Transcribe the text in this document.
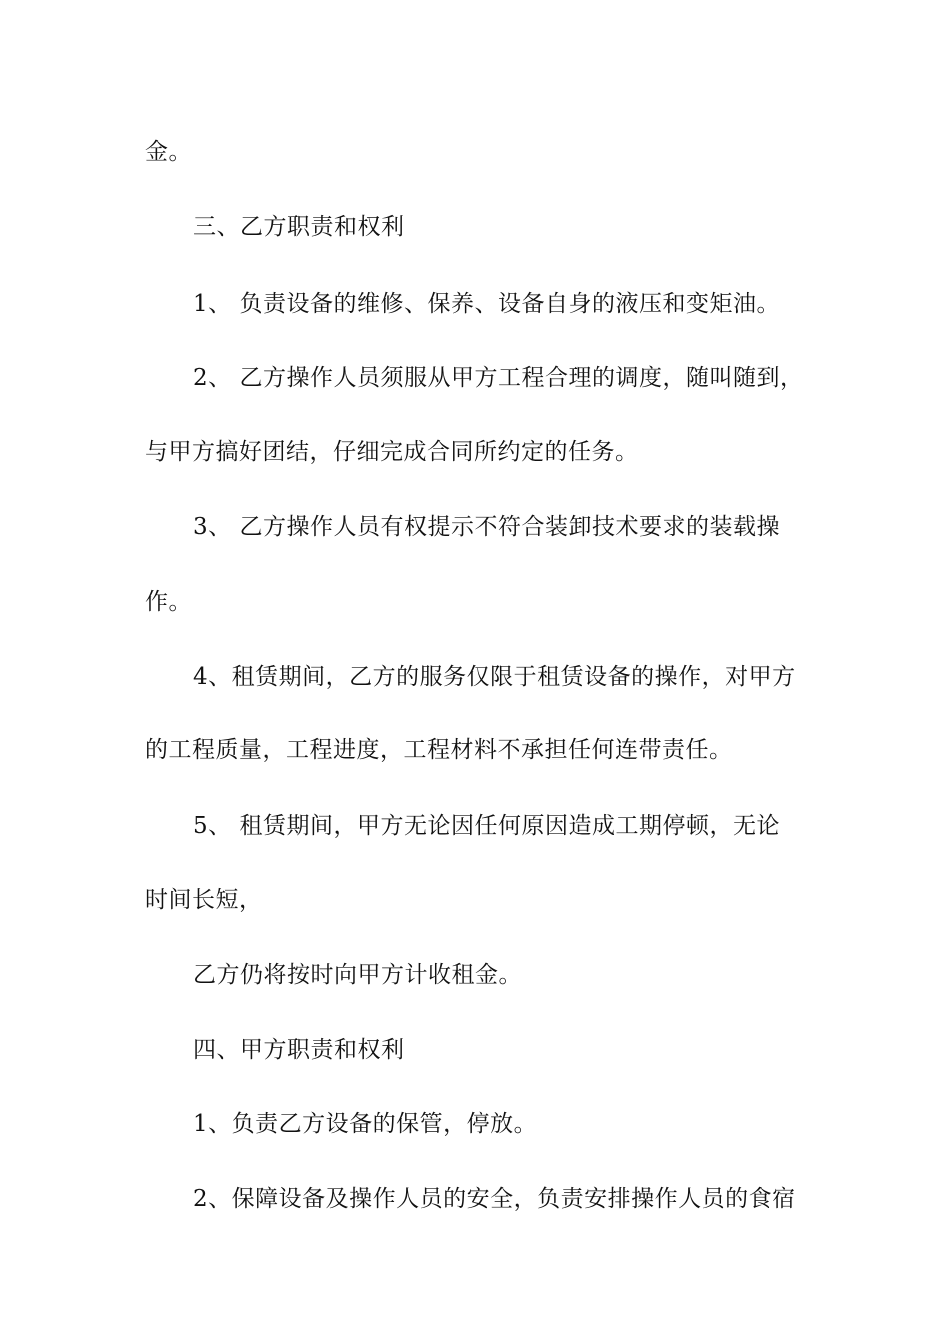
金。
三、乙方职责和权利
1、 负责设备的维修、保养、设备自身的液压和变矩油。
2、 乙方操作人员须服从甲方工程合理的调度，随叫随到，
与甲方搞好团结，仔细完成合同所约定的任务。
3、 乙方操作人员有权提示不符合装卸技术要求的装载操
作。
4、租赁期间，乙方的服务仅限于租赁设备的操作，对甲方
的工程质量，工程进度，工程材料不承担任何连带责任。
5、 租赁期间，甲方无论因任何原因造成工期停顿，无论
时间长短，
乙方仍将按时向甲方计收租金。
四、甲方职责和权利
1、负责乙方设备的保管，停放。
2、保障设备及操作人员的安全，负责安排操作人员的食宿
